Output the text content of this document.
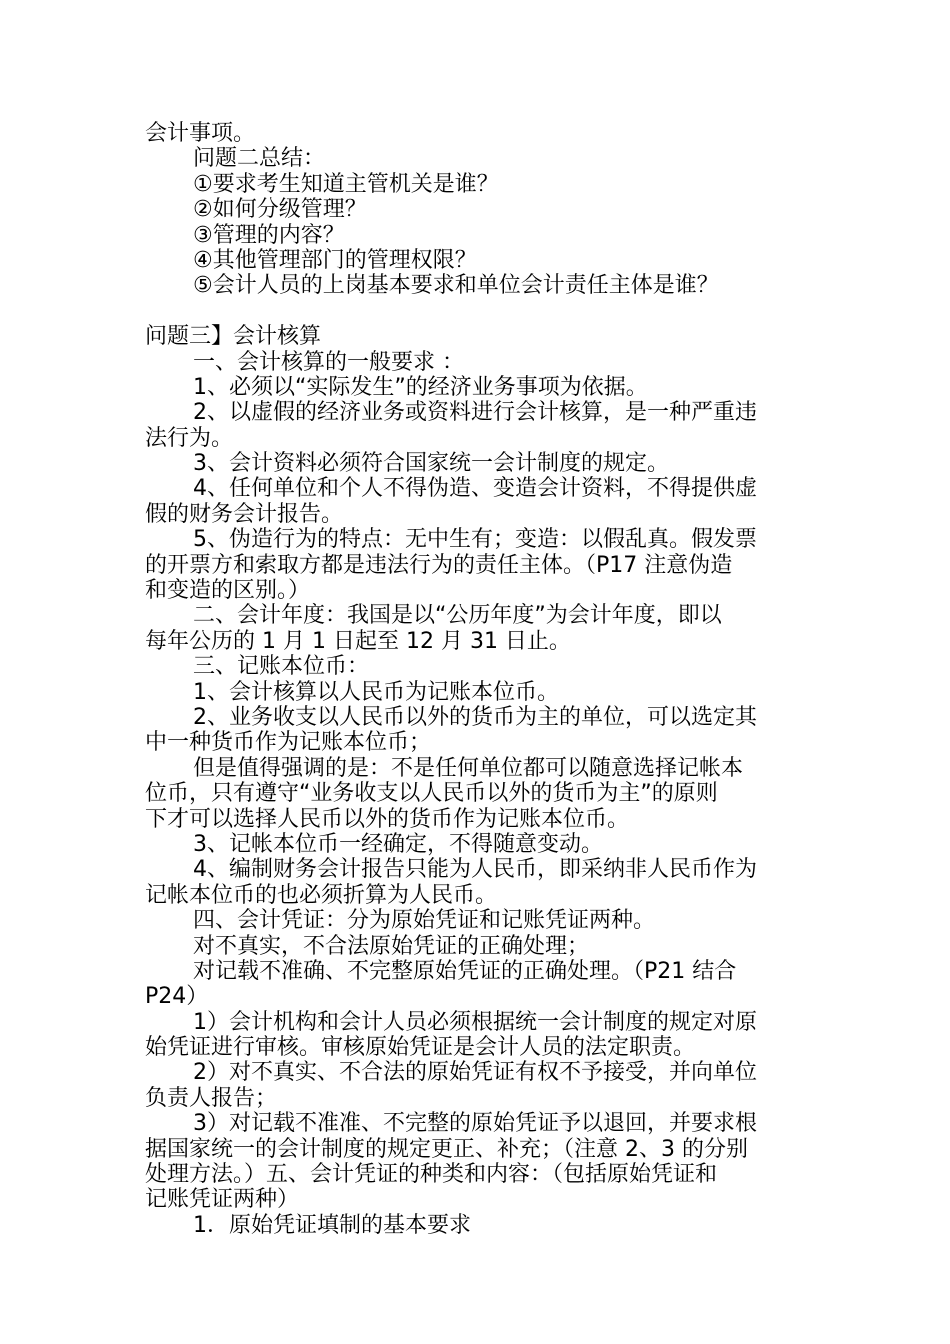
会计事项。
问题二总结：
①要求考生知道主管机关是谁？
②如何分级管理？
③管理的内容？
④其他管理部门的管理权限？
⑤会计人员的上岗基本要求和单位会计责任主体是谁？
问题三】会计核算
一、会计核算的一般要求 ：
1、必须以“实际发生”的经济业务事项为依据。
2、以虚假的经济业务或资料进行会计核算，是一种严重违
法行为。
3、会计资料必须符合国家统一会计制度的规定。
4、任何单位和个人不得伪造、变造会计资料，不得提供虚
假的财务会计报告。
5、伪造行为的特点：无中生有；变造：以假乱真。假发票
的开票方和索取方都是违法行为的责任主体。（P17 注意伪造
和变造的区别。）
二、会计年度：我国是以“公历年度”为会计年度，即以
每年公历的 1 月 1 日起至 12 月 31 日止。
三、记账本位币：
1、会计核算以人民币为记账本位币。
2、业务收支以人民币以外的货币为主的单位，可以选定其
中一种货币作为记账本位币；
但是值得强调的是：不是任何单位都可以随意选择记帐本
位币，只有遵守“业务收支以人民币以外的货币为主”的原则
下才可以选择人民币以外的货币作为记账本位币。
3、记帐本位币一经确定，不得随意变动。
4、编制财务会计报告只能为人民币，即采纳非人民币作为
记帐本位币的也必须折算为人民币。
四、会计凭证：分为原始凭证和记账凭证两种。
对不真实，不合法原始凭证的正确处理；
对记载不准确、不完整原始凭证的正确处理。（P21 结合
P24）
1）会计机构和会计人员必须根据统一会计制度的规定对原
始凭证进行审核。审核原始凭证是会计人员的法定职责。
2）对不真实、不合法的原始凭证有权不予接受，并向单位
负责人报告；
3）对记载不准准、不完整的原始凭证予以退回，并要求根
据国家统一的会计制度的规定更正、补充；（注意 2、3 的分别
处理方法。）五、会计凭证的种类和内容：（包括原始凭证和
记账凭证两种）
1．原始凭证填制的基本要求
